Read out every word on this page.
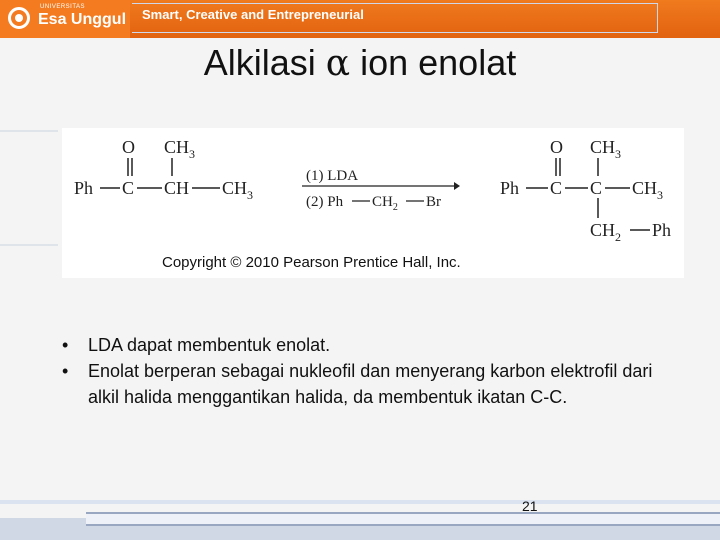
UNIVERSITAS
Esa Unggul Smart, Creative and Entrepreneurial
Alkilasi α ion enolat
O $CH_3$
Ph C CH $CH_3$
(1) LDA
(2) Ph $CH_2$ Br
O $CH_3$
Ph C C $CH_3$
$CH_2$ Ph
Copyright © 2010 Pearson Prentice Hall, Inc.
• LDA dapat membentuk enolat.
• Enolat berperan sebagai nukleofil dan menyerang karbon elektrofil dari alkil halida menggantikan halida, da membentuk ikatan C-C.
21
